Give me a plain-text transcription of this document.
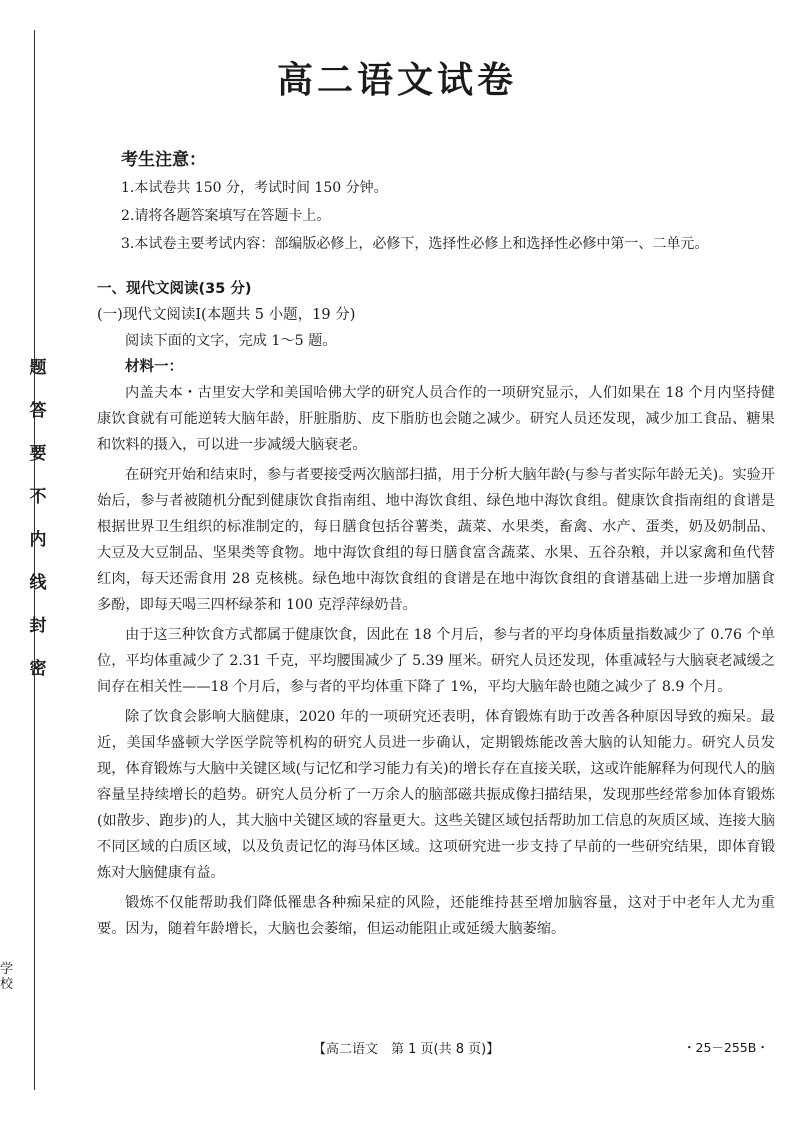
题
答
要
不
内
线
封
密
学校
高二语文试卷
考生注意：
1.本试卷共 150 分，考试时间 150 分钟。
2.请将各题答案填写在答题卡上。
3.本试卷主要考试内容：部编版必修上，必修下，选择性必修上和选择性必修中第一、二单元。
一、现代文阅读(35 分)
(一)现代文阅读Ⅰ(本题共 5 小题，19 分)

阅读下面的文字，完成 1～5 题。

材料一：

内盖夫本・古里安大学和美国哈佛大学的研究人员合作的一项研究显示，人们如果在 18 个月内坚持健康饮食就有可能逆转大脑年龄，肝脏脂肪、皮下脂肪也会随之减少。研究人员还发现，减少加工食品、糖果和饮料的摄入，可以进一步减缓大脑衰老。

在研究开始和结束时，参与者要接受两次脑部扫描，用于分析大脑年龄(与参与者实际年龄无关)。实验开始后，参与者被随机分配到健康饮食指南组、地中海饮食组、绿色地中海饮食组。健康饮食指南组的食谱是根据世界卫生组织的标准制定的，每日膳食包括谷薯类，蔬菜、水果类，畜禽、水产、蛋类，奶及奶制品、大豆及大豆制品、坚果类等食物。地中海饮食组的每日膳食富含蔬菜、水果、五谷杂粮，并以家禽和鱼代替红肉，每天还需食用 28 克核桃。绿色地中海饮食组的食谱是在地中海饮食组的食谱基础上进一步增加膳食多酚，即每天喝三四杯绿茶和 100 克浮萍绿奶昔。

由于这三种饮食方式都属于健康饮食，因此在 18 个月后，参与者的平均身体质量指数减少了 0.76 个单位，平均体重减少了 2.31 千克，平均腰围减少了 5.39 厘米。研究人员还发现，体重减轻与大脑衰老减缓之间存在相关性——18 个月后，参与者的平均体重下降了 1%，平均大脑年龄也随之减少了 8.9 个月。

除了饮食会影响大脑健康，2020 年的一项研究还表明，体育锻炼有助于改善各种原因导致的痴呆。最近，美国华盛顿大学医学院等机构的研究人员进一步确认，定期锻炼能改善大脑的认知能力。研究人员发现，体育锻炼与大脑中关键区域(与记忆和学习能力有关)的增长存在直接关联，这或许能解释为何现代人的脑容量呈持续增长的趋势。研究人员分析了一万余人的脑部磁共振成像扫描结果，发现那些经常参加体育锻炼(如散步、跑步)的人，其大脑中关键区域的容量更大。这些关键区域包括帮助加工信息的灰质区域、连接大脑不同区域的白质区域，以及负责记忆的海马体区域。这项研究进一步支持了早前的一些研究结果，即体育锻炼对大脑健康有益。

锻炼不仅能帮助我们降低罹患各种痴呆症的风险，还能维持甚至增加脑容量，这对于中老年人尤为重要。因为，随着年龄增长，大脑也会萎缩，但运动能阻止或延缓大脑萎缩。

【高二语文　第 1 页(共 8 页)】	・25－255B・
